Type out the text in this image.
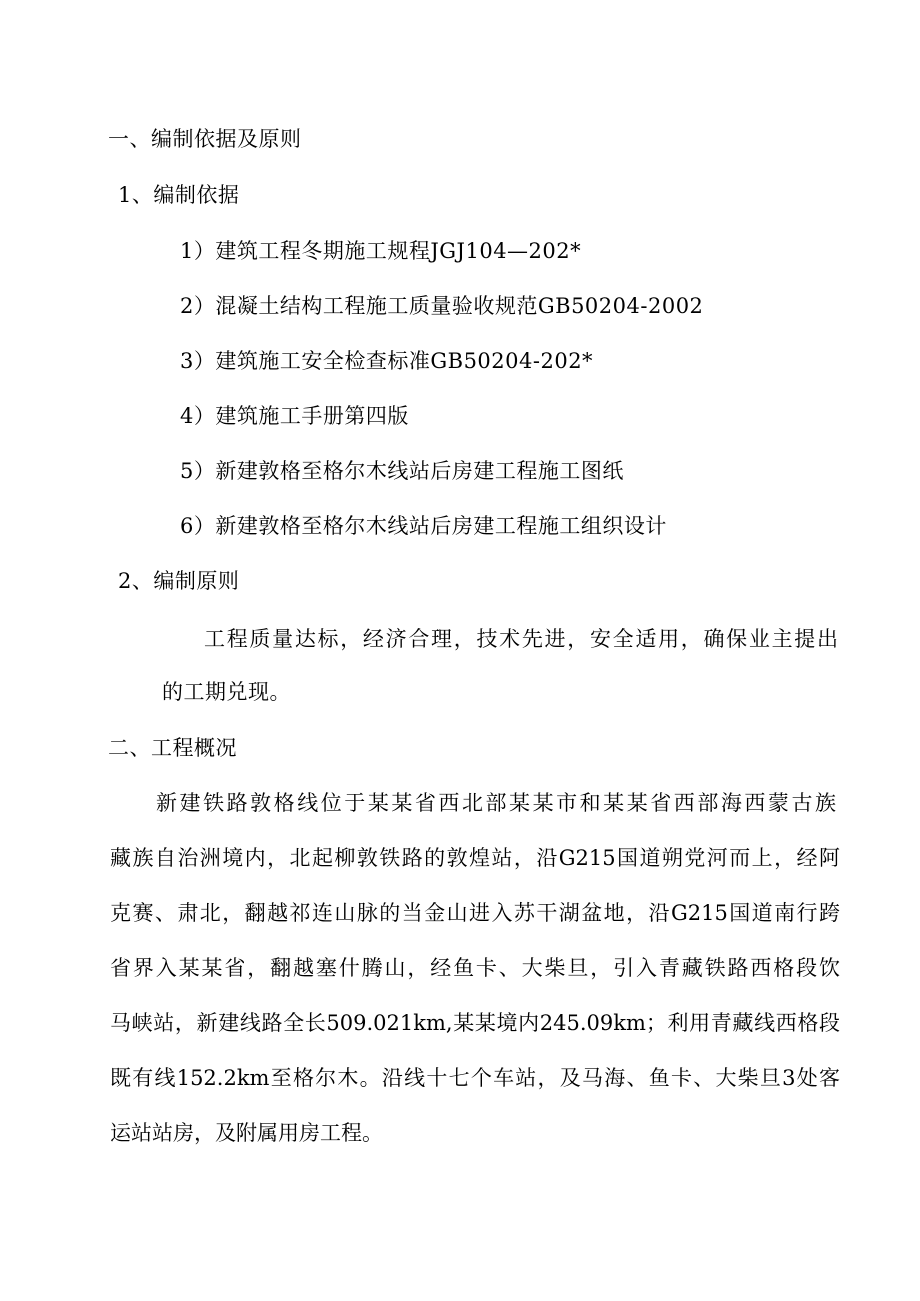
一、编制依据及原则
1、编制依据
1）建筑工程冬期施工规程JGJ104—202*
2）混凝土结构工程施工质量验收规范GB50204-2002
3）建筑施工安全检查标准GB50204-202*
4）建筑施工手册第四版
5）新建敦格至格尔木线站后房建工程施工图纸
6）新建敦格至格尔木线站后房建工程施工组织设计
2、编制原则
工程质量达标，经济合理，技术先进，安全适用，确保业主提出
的工期兑现。
二、工程概况
新建铁路敦格线位于某某省西北部某某市和某某省西部海西蒙古族
藏族自治洲境内，北起柳敦铁路的敦煌站，沿G215国道朔党河而上，经阿
克赛、肃北，翻越祁连山脉的当金山进入苏干湖盆地，沿G215国道南行跨
省界入某某省，翻越塞什腾山，经鱼卡、大柴旦，引入青藏铁路西格段饮
马峡站，新建线路全长509.021km,某某境内245.09km；利用青藏线西格段
既有线152.2km至格尔木。沿线十七个车站，及马海、鱼卡、大柴旦3处客
运站站房，及附属用房工程。
